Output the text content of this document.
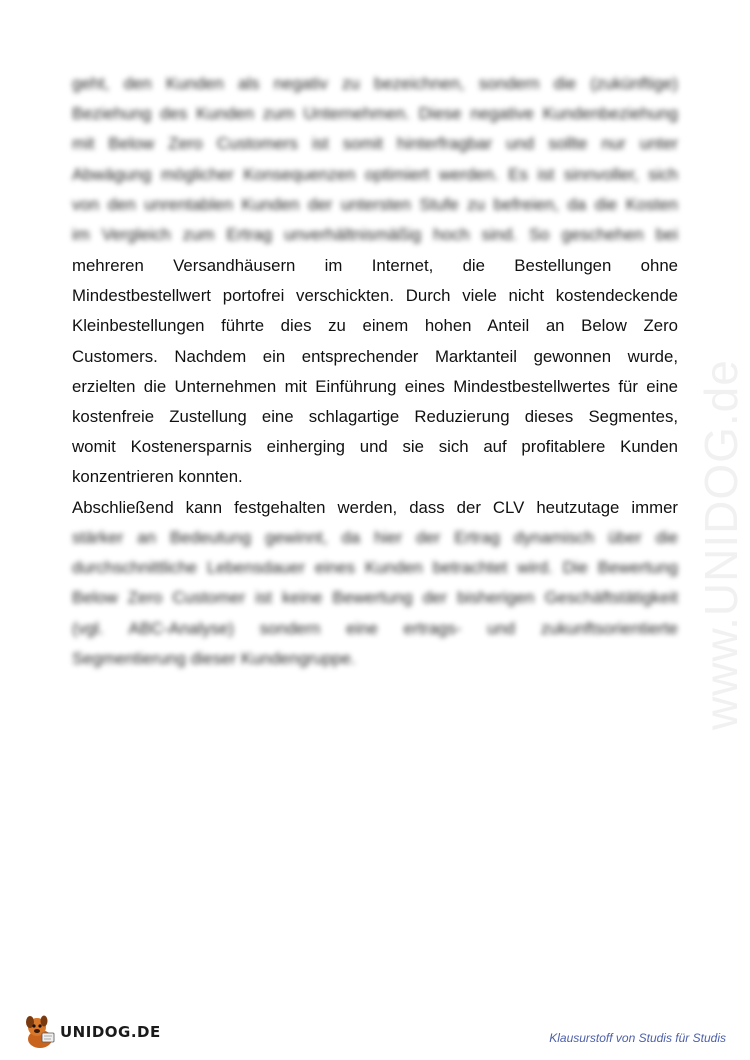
www.UNIDOG.de
geht, den Kunden als negativ zu bezeichnen, sondern die (zukünftige)
Beziehung des Kunden zum Unternehmen. Diese negative Kundenbeziehung
mit Below Zero Customers ist somit hinterfragbar und sollte nur unter
Abwägung möglicher Konsequenzen optimiert werden. Es ist sinnvoller, sich
von den unrentablen Kunden der untersten Stufe zu befreien, da die Kosten
im Vergleich zum Ertrag unverhältnismäßig hoch sind. So geschehen bei
mehreren Versandhäusern im Internet, die Bestellungen ohne
Mindestbestellwert portofrei verschickten. Durch viele nicht kostendeckende
Kleinbestellungen führte dies zu einem hohen Anteil an Below Zero
Customers. Nachdem ein entsprechender Marktanteil gewonnen wurde,
erzielten die Unternehmen mit Einführung eines Mindestbestellwertes für eine
kostenfreie Zustellung eine schlagartige Reduzierung dieses Segmentes,
womit Kostenersparnis einherging und sie sich auf profitablere Kunden
konzentrieren konnten.
Abschließend kann festgehalten werden, dass der CLV heutzutage immer
stärker an Bedeutung gewinnt, da hier der Ertrag dynamisch über die
durchschnittliche Lebensdauer eines Kunden betrachtet wird. Die Bewertung
Below Zero Customer ist keine Bewertung der bisherigen Geschäftstätigkeit
(vgl. ABC-Analyse) sondern eine ertrags- und zukunftsorientierte
Segmentierung dieser Kundengruppe.
UNIDOG.DE	Klausurstoff von Studis für Studis
